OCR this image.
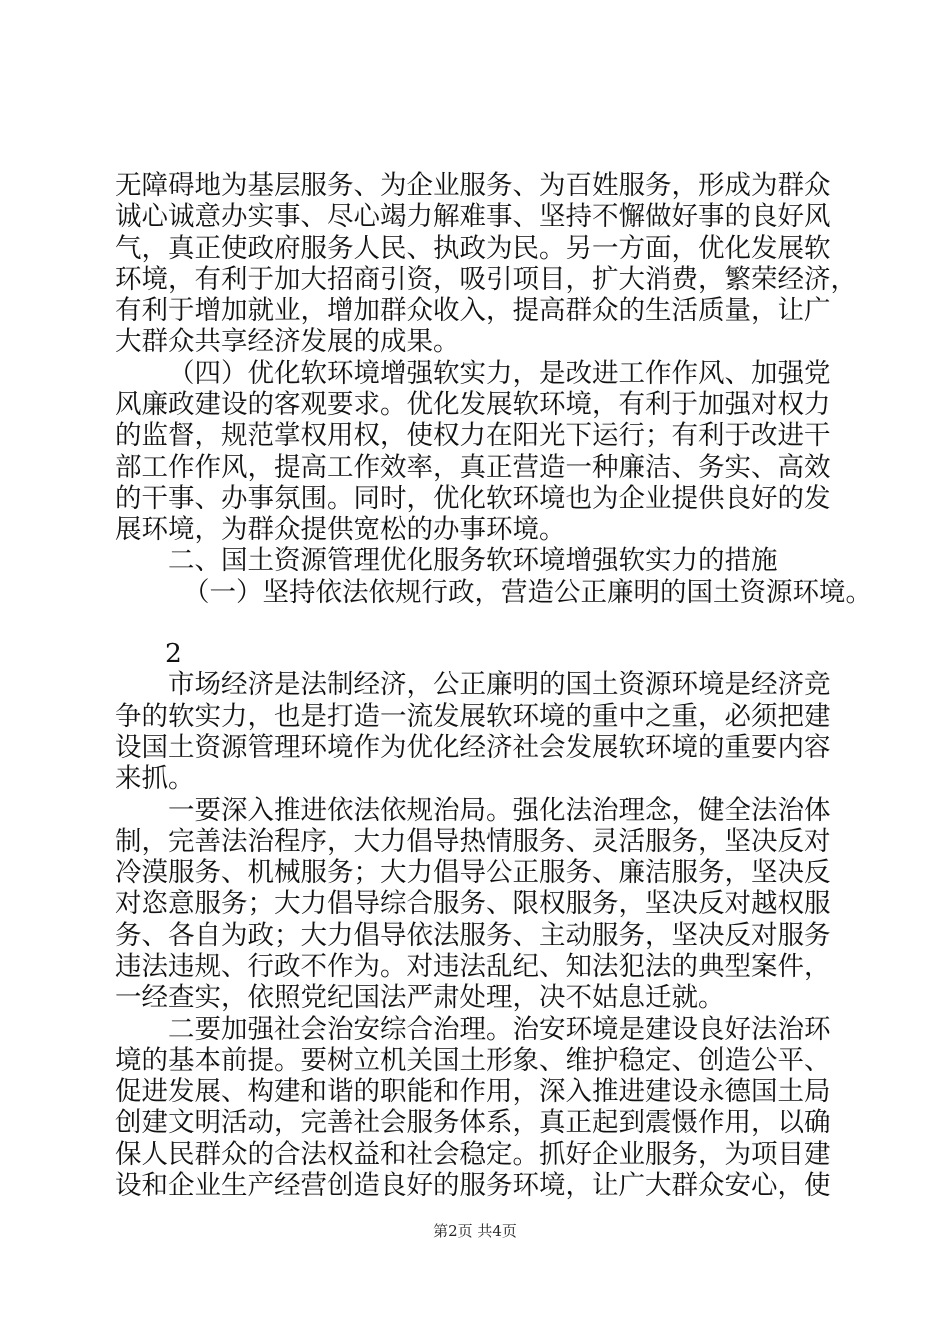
无障碍地为基层服务、为企业服务、为百姓服务，形成为群众
诚心诚意办实事、尽心竭力解难事、坚持不懈做好事的良好风
气，真正使政府服务人民、执政为民。另一方面，优化发展软
环境，有利于加大招商引资，吸引项目，扩大消费，繁荣经济，
有利于增加就业，增加群众收入，提高群众的生活质量，让广
大群众共享经济发展的成果。
（四）优化软环境增强软实力，是改进工作作风、加强党
风廉政建设的客观要求。优化发展软环境，有利于加强对权力
的监督，规范掌权用权，使权力在阳光下运行；有利于改进干
部工作作风，提高工作效率，真正营造一种廉洁、务实、高效
的干事、办事氛围。同时，优化软环境也为企业提供良好的发
展环境，为群众提供宽松的办事环境。
二、国土资源管理优化服务软环境增强软实力的措施
（一）坚持依法依规行政，营造公正廉明的国土资源环境。
2
市场经济是法制经济，公正廉明的国土资源环境是经济竞
争的软实力，也是打造一流发展软环境的重中之重，必须把建
设国土资源管理环境作为优化经济社会发展软环境的重要内容
来抓。
一要深入推进依法依规治局。强化法治理念，健全法治体
制，完善法治程序，大力倡导热情服务、灵活服务，坚决反对
冷漠服务、机械服务；大力倡导公正服务、廉洁服务，坚决反
对恣意服务；大力倡导综合服务、限权服务，坚决反对越权服
务、各自为政；大力倡导依法服务、主动服务，坚决反对服务
违法违规、行政不作为。对违法乱纪、知法犯法的典型案件，
一经查实，依照党纪国法严肃处理，决不姑息迁就。
二要加强社会治安综合治理。治安环境是建设良好法治环
境的基本前提。要树立机关国土形象、维护稳定、创造公平、
促进发展、构建和谐的职能和作用，深入推进建设永德国土局
创建文明活动，完善社会服务体系，真正起到震慑作用，以确
保人民群众的合法权益和社会稳定。抓好企业服务，为项目建
设和企业生产经营创造良好的服务环境，让广大群众安心，使
第2页 共4页
